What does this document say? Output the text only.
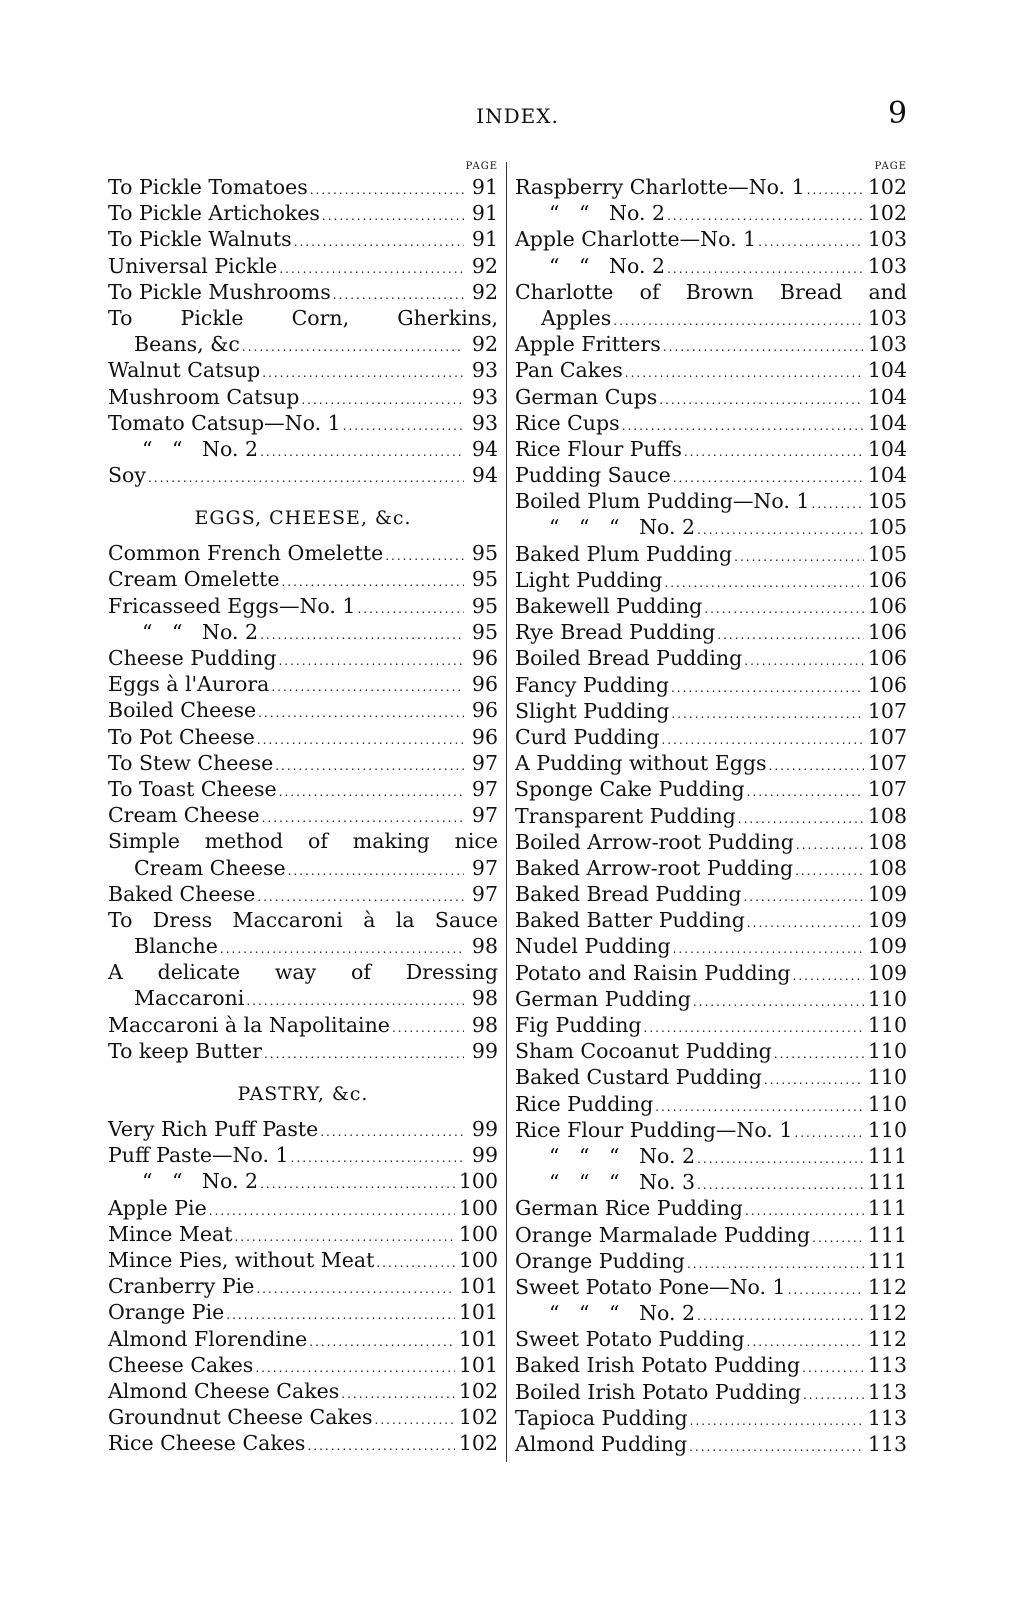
INDEX.	9
PAGE
To Pickle Tomatoes .....	91
To Pickle Artichokes .....	91
To Pickle Walnuts .....	91
Universal Pickle .....	92
To Pickle Mushrooms .....	92
To  Pickle  Corn,  Gherkins,
Beans, &c .....	92
Walnut Catsup .....	93
Mushroom Catsup .....	93
Tomato Catsup—No. 1 .....	93
“   “   No. 2 .....	94
Soy .....	94
EGGS, CHEESE, &c.
Common French Omelette .....	95
Cream Omelette .....	95
Fricasseed Eggs—No. 1 .....	95
“   “   No. 2 .....	95
Cheese Pudding .....	96
Eggs à l'Aurora .....	96
Boiled Cheese .....	96
To Pot Cheese .....	96
To Stew Cheese .....	97
To Toast Cheese .....	97
Cream Cheese .....	97
Simple method of making nice
Cream Cheese .....	97
Baked Cheese .....	97
To Dress Maccaroni à la Sauce
Blanche .....	98
A  delicate  way  of  Dressing
Maccaroni .....	98
Maccaroni à la Napolitaine .....	98
To keep Butter .....	99
PASTRY, &c.
Very Rich Puff Paste .....	99
Puff Paste—No. 1 .....	99
“   “   No. 2 .....	100
Apple Pie .....	100
Mince Meat .....	100
Mince Pies, without Meat .....	100
Cranberry Pie .....	101
Orange Pie .....	101
Almond Florendine .....	101
Cheese Cakes .....	101
Almond Cheese Cakes .....	102
Groundnut Cheese Cakes .....	102
Rice Cheese Cakes .....	102
PAGE
Raspberry Charlotte—No. 1 .....	102
“   “   No. 2 .....	102
Apple Charlotte—No. 1 .....	103
“   “   No. 2 .....	103
Charlotte of Brown Bread and
Apples .....	103
Apple Fritters .....	103
Pan Cakes .....	104
German Cups .....	104
Rice Cups .....	104
Rice Flour Puffs .....	104
Pudding Sauce .....	104
Boiled Plum Pudding—No. 1 .....	105
“   “   “   No. 2 .....	105
Baked Plum Pudding .....	105
Light Pudding .....	106
Bakewell Pudding .....	106
Rye Bread Pudding .....	106
Boiled Bread Pudding .....	106
Fancy Pudding .....	106
Slight Pudding .....	107
Curd Pudding .....	107
A Pudding without Eggs .....	107
Sponge Cake Pudding .....	107
Transparent Pudding .....	108
Boiled Arrow-root Pudding .....	108
Baked Arrow-root Pudding .....	108
Baked Bread Pudding .....	109
Baked Batter Pudding .....	109
Nudel Pudding .....	109
Potato and Raisin Pudding .....	109
German Pudding .....	110
Fig Pudding .....	110
Sham Cocoanut Pudding .....	110
Baked Custard Pudding .....	110
Rice Pudding .....	110
Rice Flour Pudding—No. 1 .....	110
“   “   “   No. 2 .....	111
“   “   “   No. 3 .....	111
German Rice Pudding .....	111
Orange Marmalade Pudding .....	111
Orange Pudding .....	111
Sweet Potato Pone—No. 1 .....	112
“   “   “   No. 2 .....	112
Sweet Potato Pudding .....	112
Baked Irish Potato Pudding .....	113
Boiled Irish Potato Pudding .....	113
Tapioca Pudding .....	113
Almond Pudding .....	113
